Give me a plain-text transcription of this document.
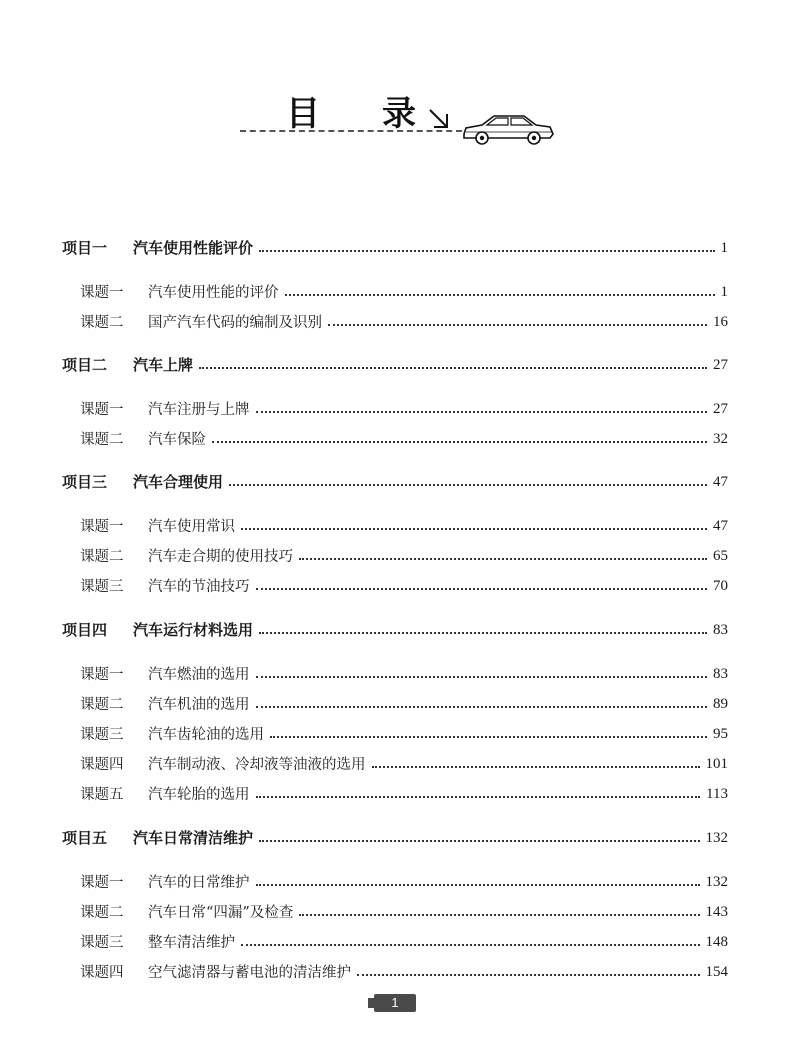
目 录
项目一	汽车使用性能评价	1
课题一	汽车使用性能的评价	1
课题二	国产汽车代码的编制及识别	16
项目二	汽车上牌	27
课题一	汽车注册与上牌	27
课题二	汽车保险	32
项目三	汽车合理使用	47
课题一	汽车使用常识	47
课题二	汽车走合期的使用技巧	65
课题三	汽车的节油技巧	70
项目四	汽车运行材料选用	83
课题一	汽车燃油的选用	83
课题二	汽车机油的选用	89
课题三	汽车齿轮油的选用	95
课题四	汽车制动液、冷却液等油液的选用	101
课题五	汽车轮胎的选用	113
项目五	汽车日常清洁维护	132
课题一	汽车的日常维护	132
课题二	汽车日常“四漏”及检查	143
课题三	整车清洁维护	148
课题四	空气滤清器与蓄电池的清洁维护	154
1
